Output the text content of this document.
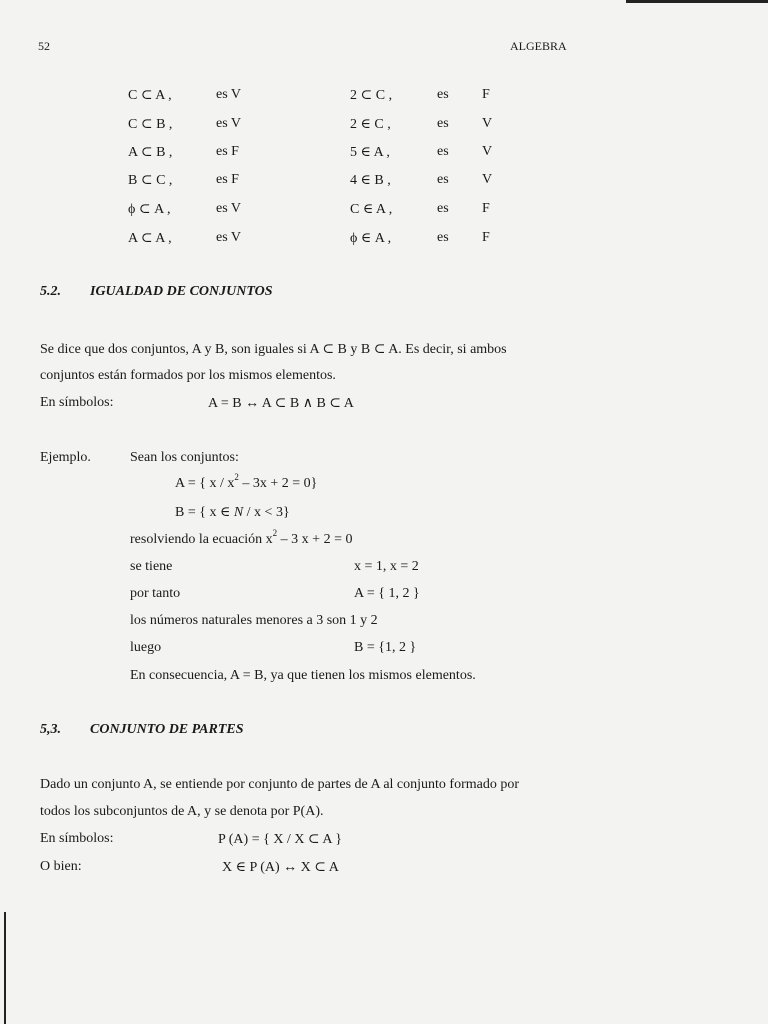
52	ALGEBRA
C ⊂ A ,	es V	2 ⊂ C ,	es F
C ⊂ B ,	es V	2 ∈ C ,	es V
A ⊂ B ,	es F	5 ∈ A ,	es V
B ⊂ C ,	es F	4 ∈ B ,	es V
ϕ ⊂ A ,	es V	C ∈ A ,	es F
A ⊂ A ,	es V	ϕ ∈ A ,	es F
5.2. IGUALDAD DE CONJUNTOS
Se dice que dos conjuntos, A y B, son iguales si A ⊂ B y B ⊂ A. Es decir, si ambos
conjuntos están formados por los mismos elementos.
En símbolos:	A = B ↔ A ⊂ B ∧ B ⊂ A
Ejemplo.	Sean los conjuntos:
A = { $x / x^2 - 3x + 2 = 0$}
B = { x ∈ N / x < 3}
resolviendo la ecuación $x^2 - 3$ x + 2 = 0
se tiene	x = 1, x = 2
por tanto	A = { 1, 2 }
los números naturales menores a 3 son 1 y 2
luego	B = {1, 2 }
En consecuencia, A = B, ya que tienen los mismos elementos.
5,3. CONJUNTO DE PARTES
Dado un conjunto A, se entiende por conjunto de partes de A al conjunto formado por
todos los subconjuntos de A, y se denota por P(A).
En símbolos:	P (A) = { X / X ⊂ A }
O bien:	X ∈ P (A) ↔ X ⊂ A
